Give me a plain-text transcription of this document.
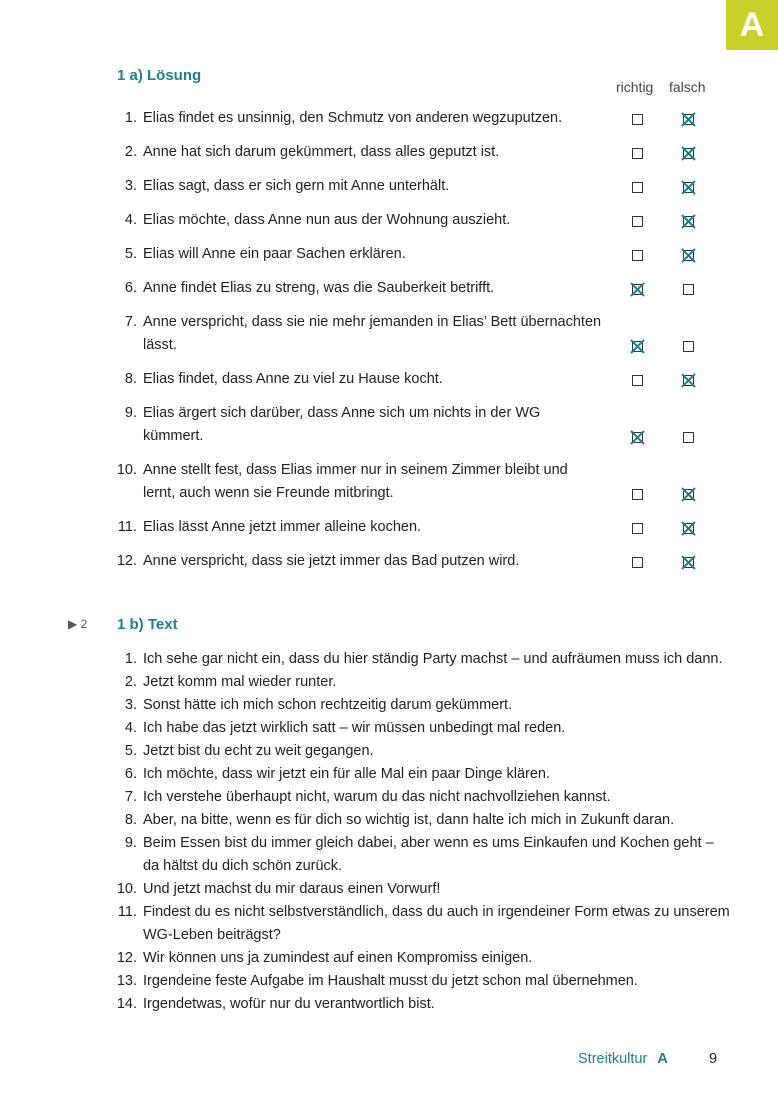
A
1 a) Lösung
richtig falsch
1. Elias findet es unsinnig, den Schmutz von anderen wegzuputzen.
2. Anne hat sich darum gekümmert, dass alles geputzt ist.
3. Elias sagt, dass er sich gern mit Anne unterhält.
4. Elias möchte, dass Anne nun aus der Wohnung auszieht.
5. Elias will Anne ein paar Sachen erklären.
6. Anne findet Elias zu streng, was die Sauberkeit betrifft.
7. Anne verspricht, dass sie nie mehr jemanden in Elias’ Bett übernachten lässt.
8. Elias findet, dass Anne zu viel zu Hause kocht.
9. Elias ärgert sich darüber, dass Anne sich um nichts in der WG kümmert.
10. Anne stellt fest, dass Elias immer nur in seinem Zimmer bleibt und lernt, auch wenn sie Freunde mitbringt.
11. Elias lässt Anne jetzt immer alleine kochen.
12. Anne verspricht, dass sie jetzt immer das Bad putzen wird.
▶ 2 1 b) Text
1. Ich sehe gar nicht ein, dass du hier ständig Party machst – und aufräumen muss ich dann.
2. Jetzt komm mal wieder runter.
3. Sonst hätte ich mich schon rechtzeitig darum gekümmert.
4. Ich habe das jetzt wirklich satt – wir müssen unbedingt mal reden.
5. Jetzt bist du echt zu weit gegangen.
6. Ich möchte, dass wir jetzt ein für alle Mal ein paar Dinge klären.
7. Ich verstehe überhaupt nicht, warum du das nicht nachvollziehen kannst.
8. Aber, na bitte, wenn es für dich so wichtig ist, dann halte ich mich in Zukunft daran.
9. Beim Essen bist du immer gleich dabei, aber wenn es ums Einkaufen und Kochen geht – da hältst du dich schön zurück.
10. Und jetzt machst du mir daraus einen Vorwurf!
11. Findest du es nicht selbstverständlich, dass du auch in irgendeiner Form etwas zu unserem WG-Leben beiträgst?
12. Wir können uns ja zumindest auf einen Kompromiss einigen.
13. Irgendeine feste Aufgabe im Haushalt musst du jetzt schon mal übernehmen.
14. Irgendetwas, wofür nur du verantwortlich bist.
Streitkultur A	9
